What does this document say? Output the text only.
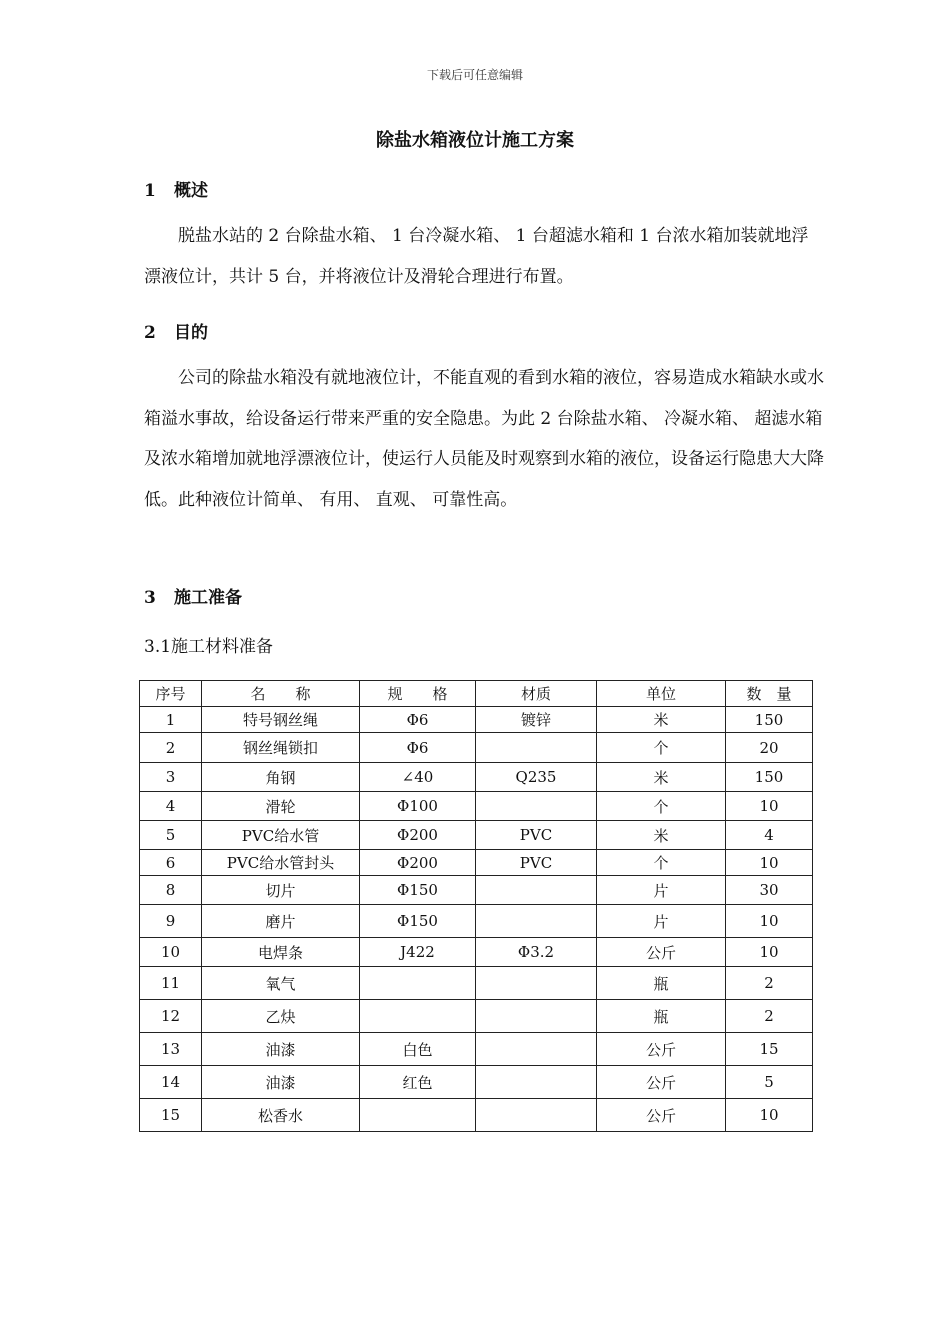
下载后可任意编辑
除盐水箱液位计施工方案
1 概述
脱盐水站的 2 台除盐水箱、 1 台冷凝水箱、 1 台超滤水箱和 1 台浓水箱加装就地浮漂液位计，共计 5 台，并将液位计及滑轮合理进行布置。
2 目的
公司的除盐水箱没有就地液位计，不能直观的看到水箱的液位，容易造成水箱缺水或水箱溢水事故，给设备运行带来严重的安全隐患。为此 2 台除盐水箱、 冷凝水箱、 超滤水箱及浓水箱增加就地浮漂液位计，使运行人员能及时观察到水箱的液位，设备运行隐患大大降低。此种液位计简单、 有用、 直观、 可靠性高。
3 施工准备
3.1施工材料准备
序号	名　　称	规　　格	材质	单位	数　量
1	特号钢丝绳	Φ6	镀锌	米	150
2	钢丝绳锁扣	Φ6		个	20
3	角钢	∠40	Q235	米	150
4	滑轮	Φ100		个	10
5	PVC给水管	Φ200	PVC	米	4
6	PVC给水管封头	Φ200	PVC	个	10
8	切片	Φ150		片	30
9	磨片	Φ150		片	10
10	电焊条	J422	Φ3.2	公斤	10
11	氧气			瓶	2
12	乙炔			瓶	2
13	油漆	白色		公斤	15
14	油漆	红色		公斤	5
15	松香水			公斤	10
